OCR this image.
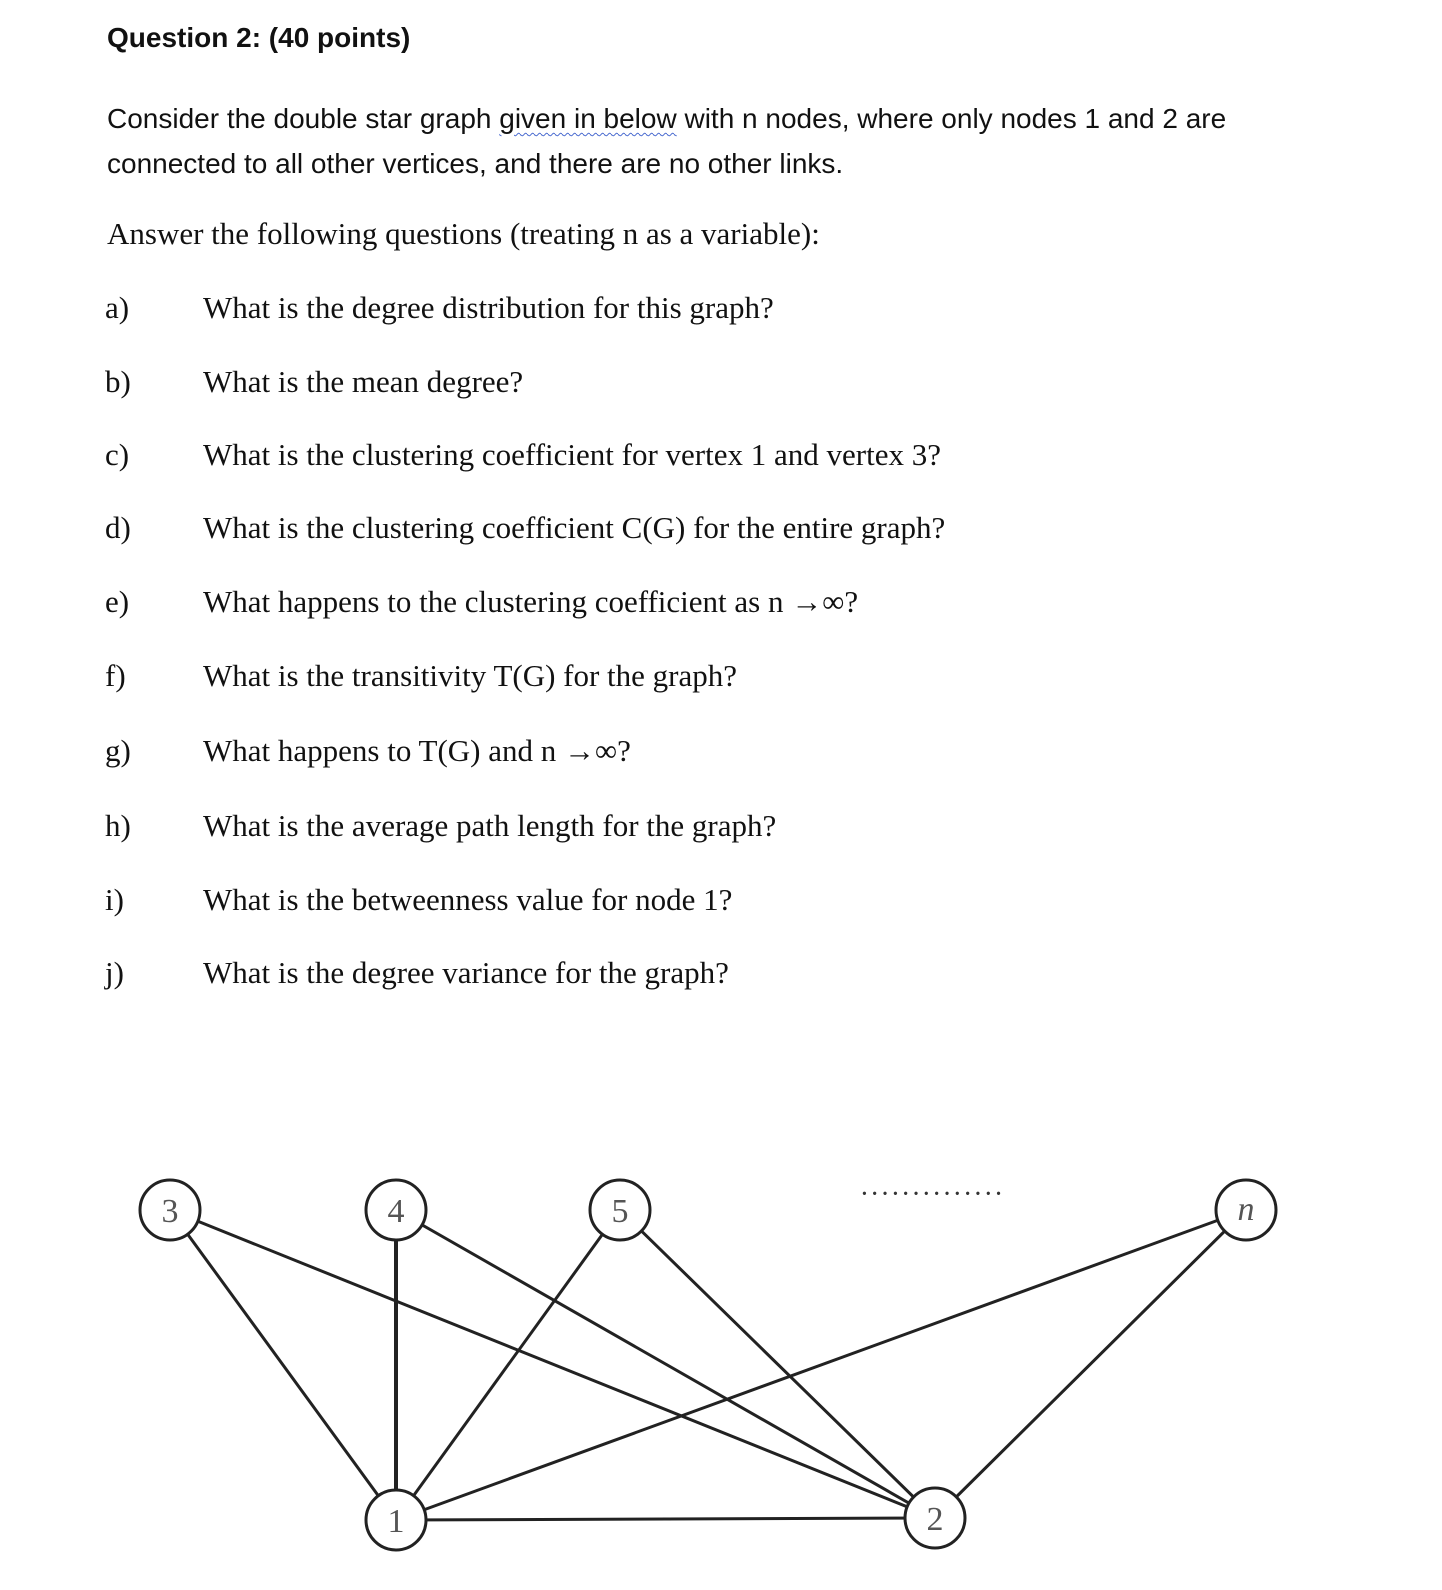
Question 2: (40 points)
Consider the double star graph given in below with n nodes, where only nodes 1 and 2 are connected to all other vertices, and there are no other links.
Answer the following questions (treating n as a variable):
a) What is the degree distribution for this graph?
b) What is the mean degree?
c) What is the clustering coefficient for vertex 1 and vertex 3?
d) What is the clustering coefficient C(G) for the entire graph?
e) What happens to the clustering coefficient as n →∞?
f) What is the transitivity T(G) for the graph?
g) What happens to T(G) and n →∞?
h) What is the average path length for the graph?
i)	What is the betweenness value for node 1?
j)	What is the degree variance for the graph?
3	4	5	n
1	2
··············
